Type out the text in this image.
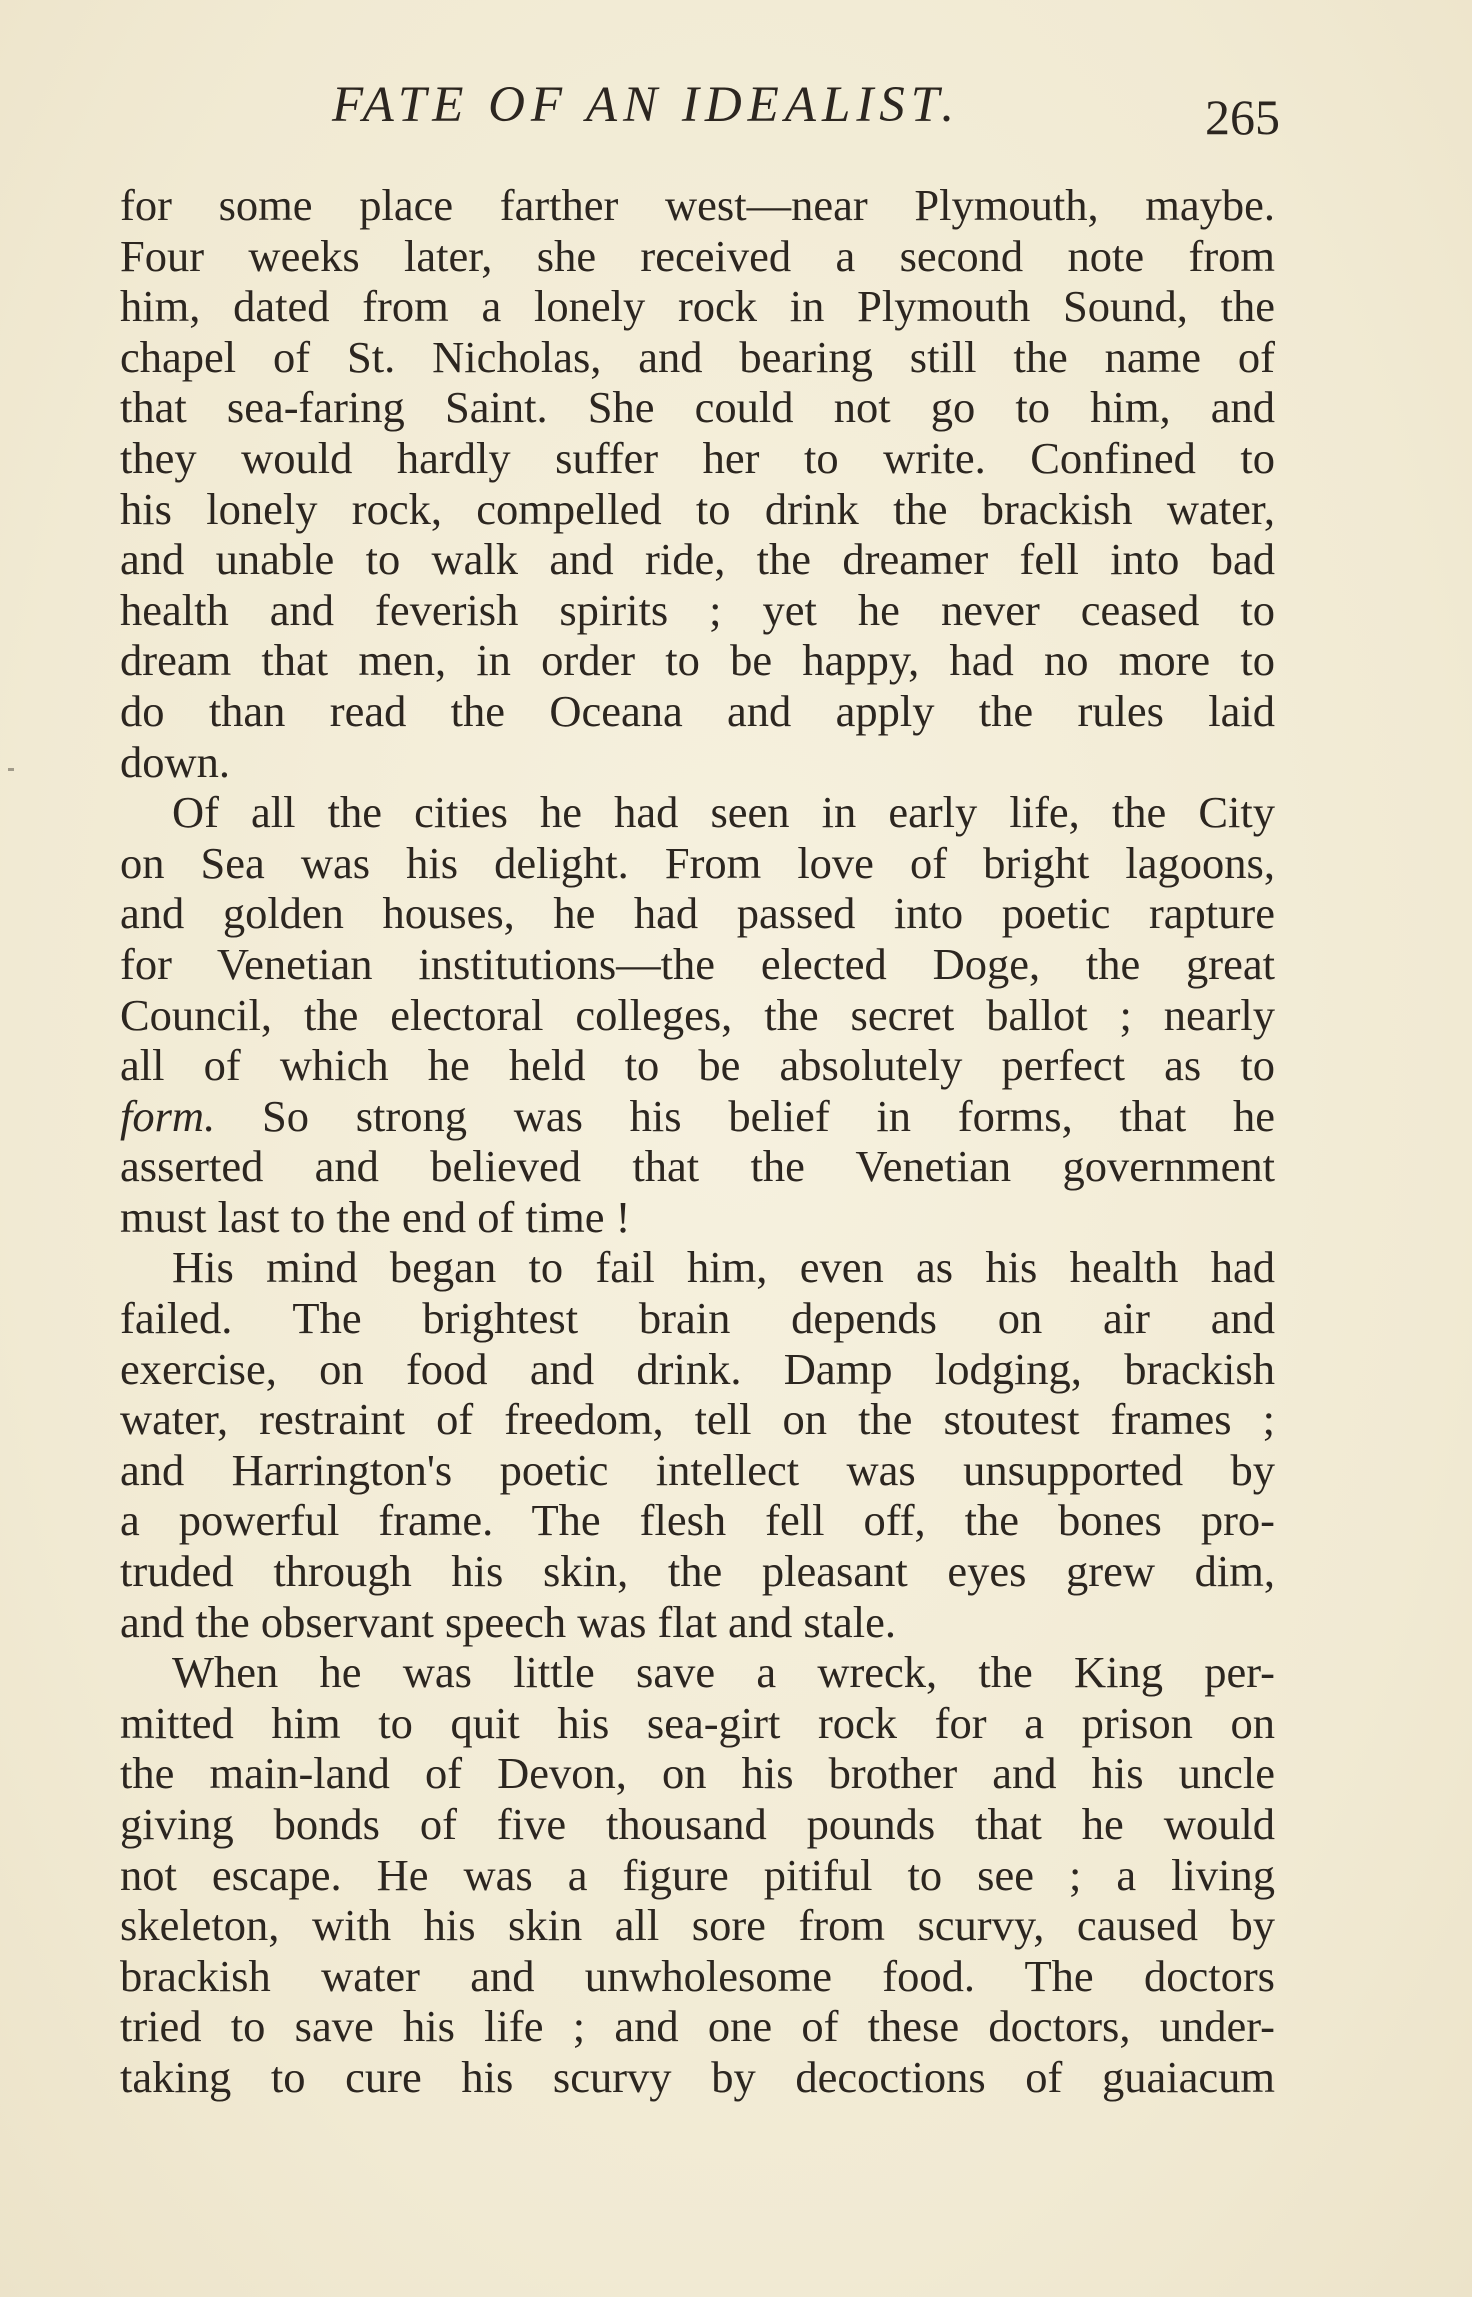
FATE OF AN IDEALIST.	265
for some place farther west—near Plymouth, maybe.
Four weeks later, she received a second note from
him, dated from a lonely rock in Plymouth Sound, the
chapel of St. Nicholas, and bearing still the name of
that sea-faring Saint. She could not go to him, and
they would hardly suffer her to write. Confined to
his lonely rock, compelled to drink the brackish water,
and unable to walk and ride, the dreamer fell into bad
health and feverish spirits ; yet he never ceased to
dream that men, in order to be happy, had no more to
do than read the Oceana and apply the rules laid
down.
Of all the cities he had seen in early life, the City
on Sea was his delight. From love of bright lagoons,
and golden houses, he had passed into poetic rapture
for Venetian institutions—the elected Doge, the great
Council, the electoral colleges, the secret ballot ; nearly
all of which he held to be absolutely perfect as to
form. So strong was his belief in forms, that he
asserted and believed that the Venetian government
must last to the end of time !
His mind began to fail him, even as his health had
failed. The brightest brain depends on air and
exercise, on food and drink. Damp lodging, brackish
water, restraint of freedom, tell on the stoutest frames ;
and Harrington's poetic intellect was unsupported by
a powerful frame. The flesh fell off, the bones pro-
truded through his skin, the pleasant eyes grew dim,
and the observant speech was flat and stale.
When he was little save a wreck, the King per-
mitted him to quit his sea-girt rock for a prison on
the main-land of Devon, on his brother and his uncle
giving bonds of five thousand pounds that he would
not escape. He was a figure pitiful to see ; a living
skeleton, with his skin all sore from scurvy, caused by
brackish water and unwholesome food. The doctors
tried to save his life ; and one of these doctors, under-
taking to cure his scurvy by decoctions of guaiacum
